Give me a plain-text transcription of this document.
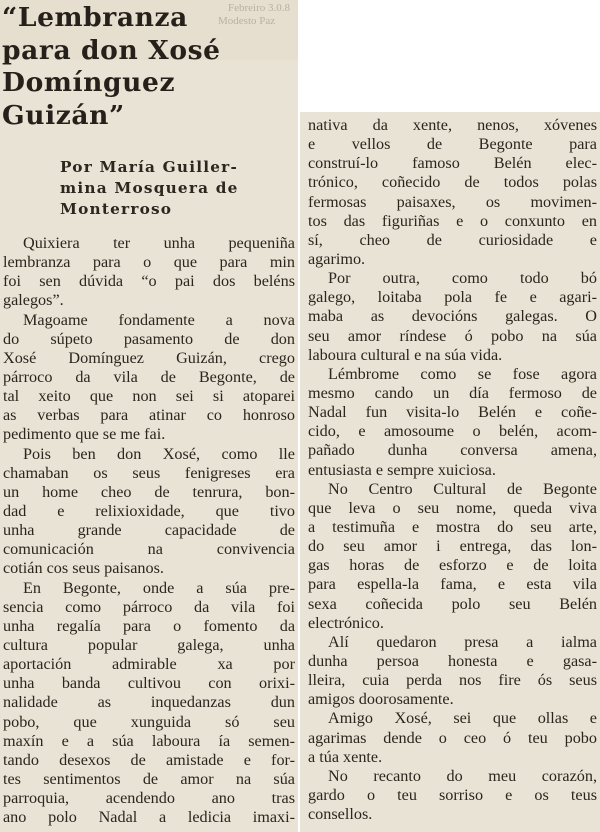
Febreiro 3.0.8
Modesto Paz
“Lembranza
para don Xosé
Domínguez
Guizán”
Por María Guiller-
mina Mosquera de
Monterroso
Quixiera ter unha pequeniña
lembranza para o que para min
foi sen dúvida “o pai dos beléns
galegos”.
Magoame fondamente a nova
do súpeto pasamento de don
Xosé Domínguez Guizán, crego
párroco da vila de Begonte, de
tal xeito que non sei si atoparei
as verbas para atinar co honroso
pedimento que se me fai.
Pois ben don Xosé, como lle
chamaban os seus fenigreses era
un home cheo de tenrura, bon-
dad e relixioxidade, que tivo
unha grande capacidade de
comunicación na convivencia
cotián cos seus paisanos.
En Begonte, onde a súa pre-
sencia como párroco da vila foi
unha regalía para o fomento da
cultura popular galega, unha
aportación admirable xa por
unha banda cultivou con orixi-
nalidade as inquedanzas dun
pobo, que xunguida só seu
maxín e a súa laboura ía semen-
tando desexos de amistade e for-
tes sentimentos de amor na súa
parroquia, acendendo ano tras
ano polo Nadal a ledicia imaxi-
nativa da xente, nenos, xóvenes
e vellos de Begonte para
construí-lo famoso Belén elec-
trónico, coñecido de todos polas
fermosas paisaxes, os movimen-
tos das figuriñas e o conxunto en
sí, cheo de curiosidade e
agarimo.
Por outra, como todo bó
galego, loitaba pola fe e agari-
maba as devocións galegas. O
seu amor ríndese ó pobo na súa
laboura cultural e na súa vida.
Lémbrome como se fose agora
mesmo cando un día fermoso de
Nadal fun visita-lo Belén e coñe-
cido, e amosoume o belén, acom-
pañado dunha conversa amena,
entusiasta e sempre xuiciosa.
No Centro Cultural de Begonte
que leva o seu nome, queda viva
a testimuña e mostra do seu arte,
do seu amor i entrega, das lon-
gas horas de esforzo e de loita
para espella-la fama, e esta vila
sexa coñecida polo seu Belén
electrónico.
Alí quedaron presa a ialma
dunha persoa honesta e gasa-
lleira, cuia perda nos fire ós seus
amigos doorosamente.
Amigo Xosé, sei que ollas e
agarimas dende o ceo ó teu pobo
a túa xente.
No recanto do meu corazón,
gardo o teu sorriso e os teus
consellos.
